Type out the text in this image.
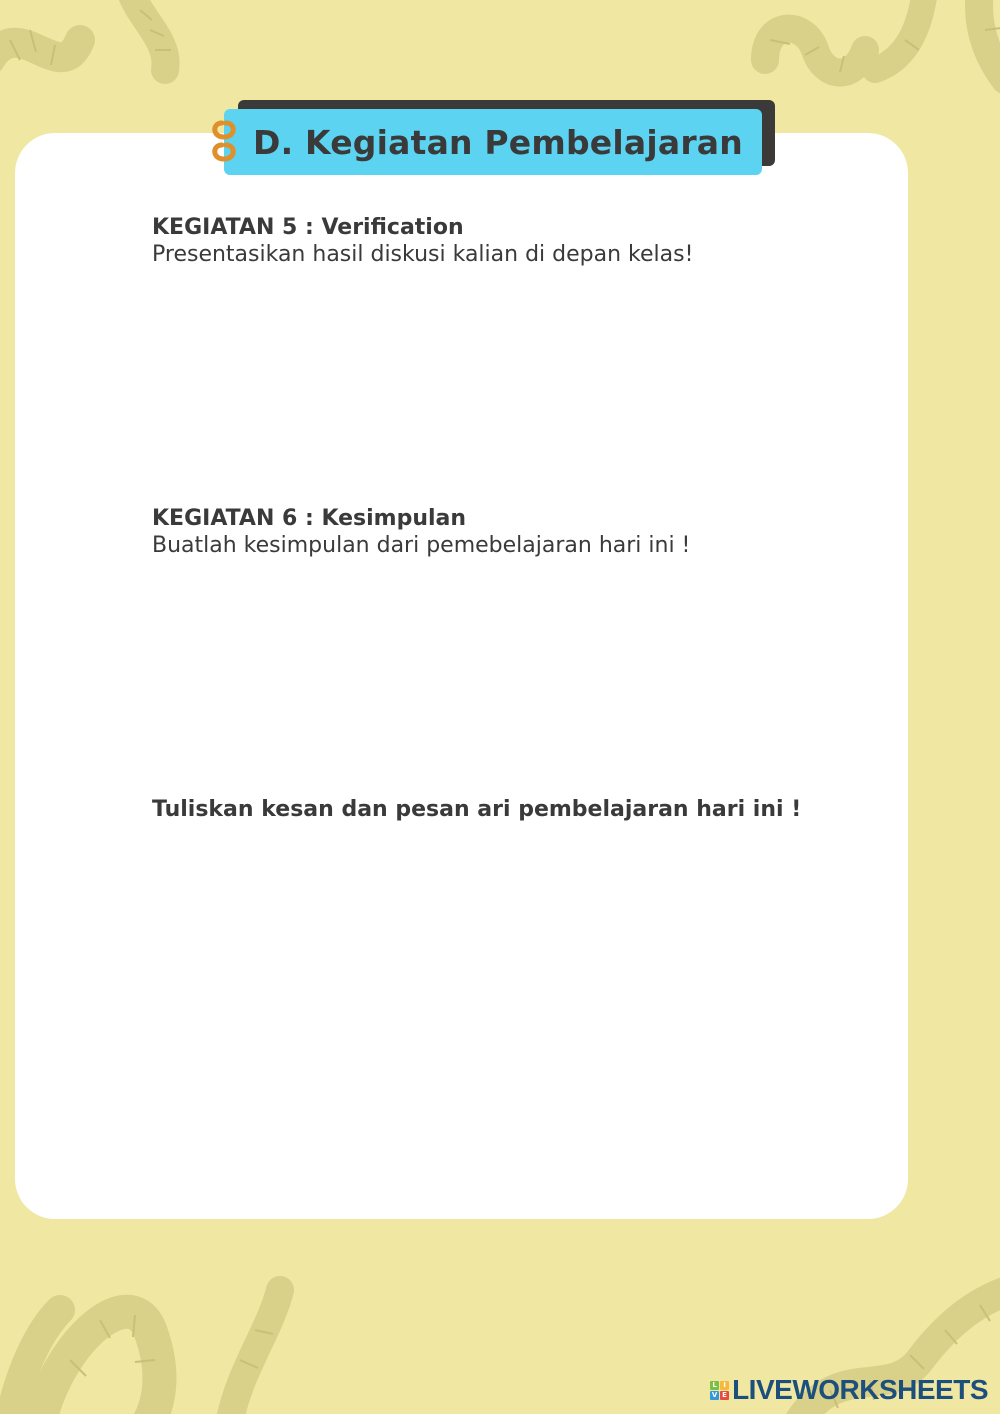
D. Kegiatan Pembelajaran
KEGIATAN 5 : Verification
Presentasikan hasil diskusi kalian di depan kelas!
KEGIATAN 6 : Kesimpulan
Buatlah kesimpulan dari pemebelajaran hari ini !
Tuliskan kesan dan pesan ari pembelajaran hari ini !
L I
V E LIVEWORKSHEETS
